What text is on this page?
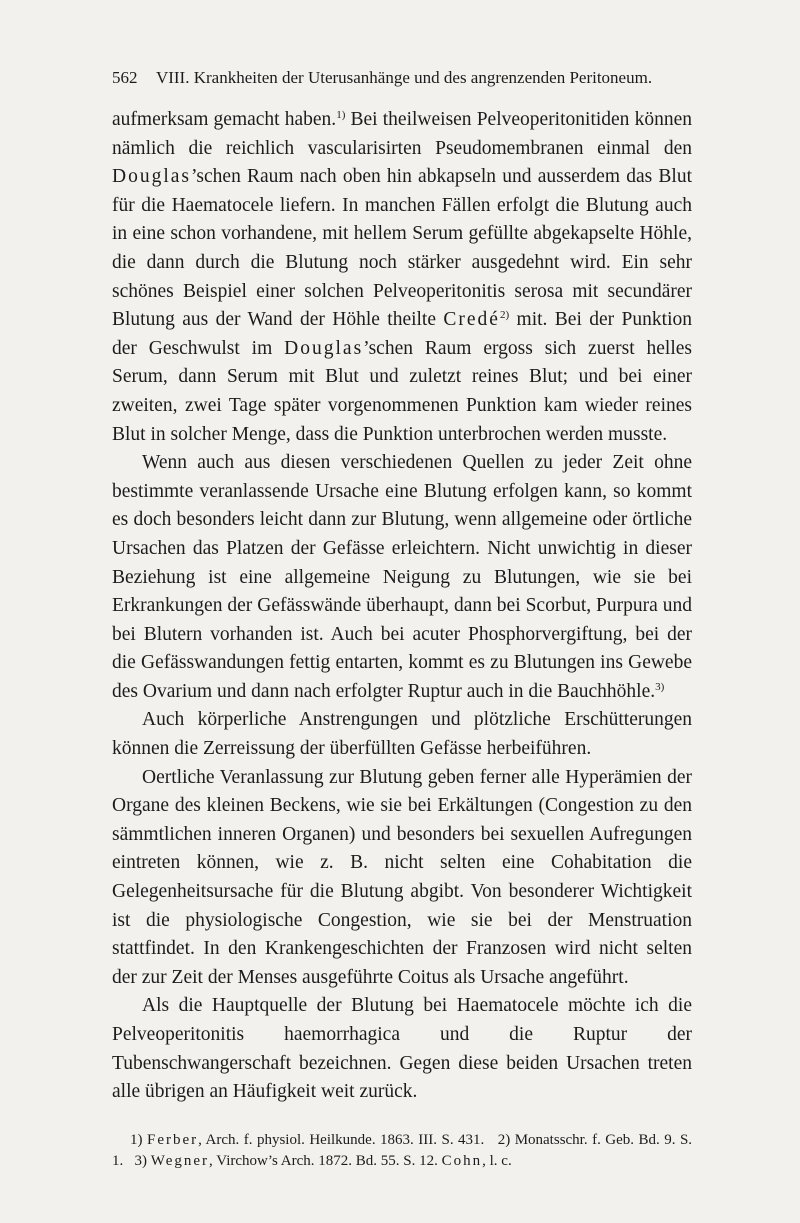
562 VIII. Krankheiten der Uterusanhänge und des angrenzenden Peritoneum.

aufmerksam gemacht haben.$^{1)}$ Bei theilweisen Pelveoperitonitiden können nämlich die reichlich vascularisirten Pseudomembranen einmal den Douglas’schen Raum nach oben hin abkapseln und ausserdem das Blut für die Haematocele liefern. In manchen Fällen erfolgt die Blutung auch in eine schon vorhandene, mit hellem Serum gefüllte abgekapselte Höhle, die dann durch die Blutung noch stärker ausgedehnt wird. Ein sehr schönes Beispiel einer solchen Pelveoperitonitis serosa mit secundärer Blutung aus der Wand der Höhle theilte Credé$^{2)}$ mit. Bei der Punktion der Geschwulst im Douglas’schen Raum ergoss sich zuerst helles Serum, dann Serum mit Blut und zuletzt reines Blut; und bei einer zweiten, zwei Tage später vorgenommenen Punktion kam wieder reines Blut in solcher Menge, dass die Punktion unterbrochen werden musste.

Wenn auch aus diesen verschiedenen Quellen zu jeder Zeit ohne bestimmte veranlassende Ursache eine Blutung erfolgen kann, so kommt es doch besonders leicht dann zur Blutung, wenn allgemeine oder örtliche Ursachen das Platzen der Gefässe erleichtern. Nicht unwichtig in dieser Beziehung ist eine allgemeine Neigung zu Blutungen, wie sie bei Erkrankungen der Gefässwände überhaupt, dann bei Scorbut, Purpura und bei Blutern vorhanden ist. Auch bei acuter Phosphorvergiftung, bei der die Gefässwandungen fettig entarten, kommt es zu Blutungen ins Gewebe des Ovarium und dann nach erfolgter Ruptur auch in die Bauchhöhle.$^{3)}$

Auch körperliche Anstrengungen und plötzliche Erschütterungen können die Zerreissung der überfüllten Gefässe herbeiführen.

Oertliche Veranlassung zur Blutung geben ferner alle Hyperämien der Organe des kleinen Beckens, wie sie bei Erkältungen (Congestion zu den sämmtlichen inneren Organen) und besonders bei sexuellen Aufregungen eintreten können, wie z. B. nicht selten eine Cohabitation die Gelegenheitsursache für die Blutung abgibt. Von besonderer Wichtigkeit ist die physiologische Congestion, wie sie bei der Menstruation stattfindet. In den Krankengeschichten der Franzosen wird nicht selten der zur Zeit der Menses ausgeführte Coitus als Ursache angeführt.

Als die Hauptquelle der Blutung bei Haematocele möchte ich die Pelveoperitonitis haemorrhagica und die Ruptur der Tubenschwangerschaft bezeichnen. Gegen diese beiden Ursachen treten alle übrigen an Häufigkeit weit zurück.

1) Ferber, Arch. f. physiol. Heilkunde. 1863. III. S. 431. 2) Monatsschr. f. Geb. Bd. 9. S. 1. 3) Wegner, Virchow’s Arch. 1872. Bd. 55. S. 12. Cohn, l. c.
